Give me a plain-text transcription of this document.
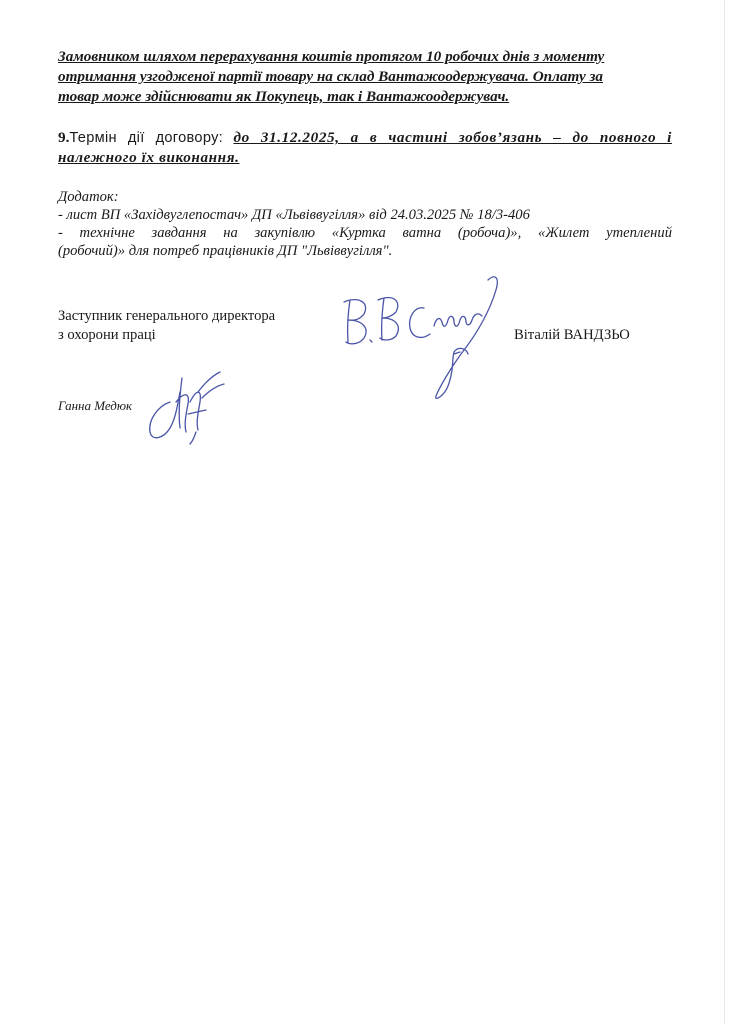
Замовником шляхом перерахування коштів протягом 10 робочих днів з моменту
отримання узгодженої партії товару на склад Вантажоодержувача. Оплату за
товар може здійснювати як Покупець, так і Вантажоодержувач.
9.Термін дії договору: до 31.12.2025, а в частині зобов’язань – до повного і належного їх виконання.
Додаток:
- лист ВП «Західвуглепостач» ДП «Львіввугілля» від 24.03.2025 № 18/3-406
- технічне завдання на закупівлю «Куртка ватна (робоча)», «Жилет утеплений
(робочий)» для потреб працівників ДП "Львіввугілля".
Заступник генерального директора
з охорони праці	Віталій ВАНДЗЬО
Ганна Медюк
